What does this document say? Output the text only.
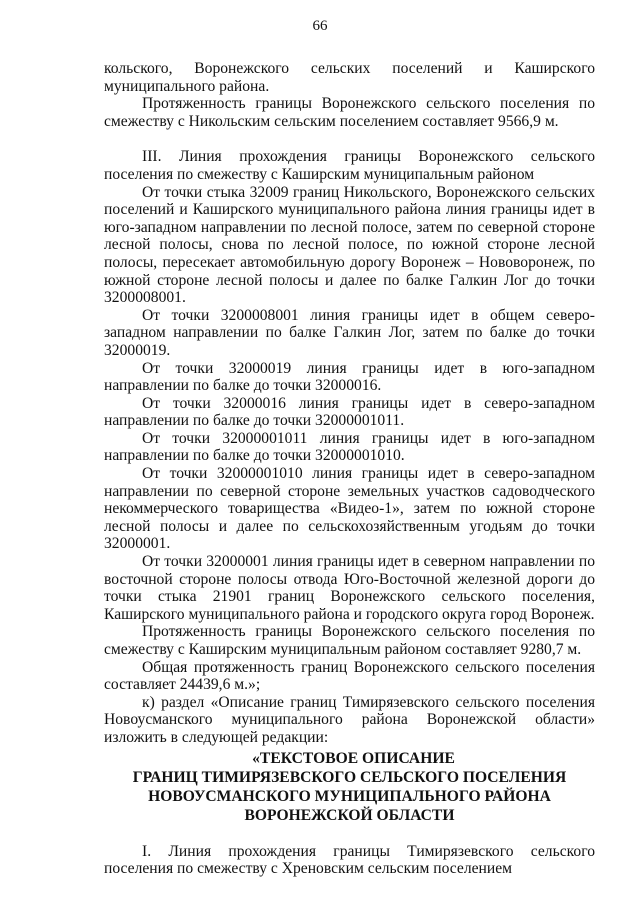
66

кольского, Воронежского сельских поселений и Каширского муниципального района.

Протяженность границы Воронежского сельского поселения по смежеству с Никольским сельским поселением составляет 9566,9 м.

III. Линия прохождения границы Воронежского сельского поселения по смежеству с Каширским муниципальным районом

От точки стыка 32009 границ Никольского, Воронежского сельских поселений и Каширского муниципального района линия границы идет в юго-западном направлении по лесной полосе, затем по северной стороне лесной полосы, снова по лесной полосе, по южной стороне лесной полосы, пересекает автомобильную дорогу Воронеж – Нововоронеж, по южной стороне лесной полосы и далее по балке Галкин Лог до точки 3200008001.

От точки 3200008001 линия границы идет в общем северо-западном направлении по балке Галкин Лог, затем по балке до точки 32000019.

От точки 32000019 линия границы идет в юго-западном направлении по балке до точки 32000016.

От точки 32000016 линия границы идет в северо-западном направлении по балке до точки 32000001011.

От точки 32000001011 линия границы идет в юго-западном направлении по балке до точки 32000001010.

От точки 32000001010 линия границы идет в северо-западном направлении по северной стороне земельных участков садоводческого некоммерческого товарищества «Видео-1», затем по южной стороне лесной полосы и далее по сельскохозяйственным угодьям до точки 32000001.

От точки 32000001 линия границы идет в северном направлении по восточной стороне полосы отвода Юго-Восточной железной дороги до точки стыка 21901 границ Воронежского сельского поселения, Каширского муниципального района и городского округа город Воронеж.

Протяженность границы Воронежского сельского поселения по смежеству с Каширским муниципальным районом составляет 9280,7 м.

Общая протяженность границ Воронежского сельского поселения составляет 24439,6 м.»;

к) раздел «Описание границ Тимирязевского сельского поселения Новоусманского муниципального района Воронежской области» изложить в следующей редакции:

«ТЕКСТОВОЕ ОПИСАНИЕ
ГРАНИЦ ТИМИРЯЗЕВСКОГО СЕЛЬСКОГО ПОСЕЛЕНИЯ
НОВОУСМАНСКОГО МУНИЦИПАЛЬНОГО РАЙОНА
ВОРОНЕЖСКОЙ ОБЛАСТИ

I. Линия прохождения границы Тимирязевского сельского поселения по смежеству с Хреновским сельским поселением
